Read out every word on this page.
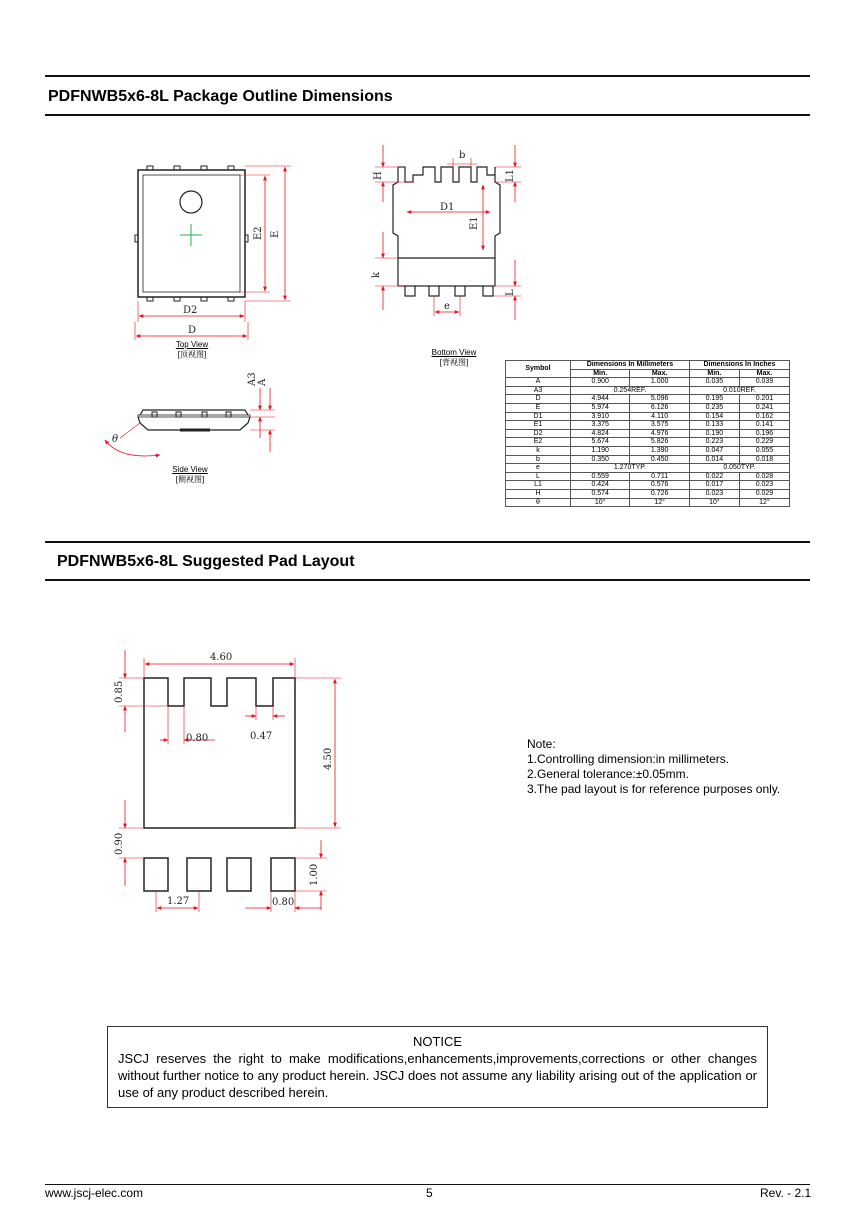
PDFNWB5x6-8L Package Outline Dimensions
E2 E
D2
D
Top View
[顶视图]
b
H	L1
D1
E1
k
L
e
Bottom View
[背视图]
A3 A
θ
Side View
[侧视图]
Symbol	Dimensions In Millimeters		Dimensions In Inches	
	Min.	Max.	Min.	Max.
A	0.900	1.000	0.035	0.039
A3	0.254REF.		0.010REF.	
D	4.944	5.096	0.195	0.201
E	5.974	6.126	0.235	0.241
D1	3.910	4.110	0.154	0.162
E1	3.375	3.575	0.133	0.141
D2	4.824	4.976	0.190	0.196
E2	5.674	5.826	0.223	0.229
k	1.190	1.390	0.047	0.055
b	0.350	0.450	0.014	0.018
e	1.270TYP.		0.050TYP.	
L	0.559	0.711	0.022	0.028
L1	0.424	0.576	0.017	0.023
H	0.574	0.726	0.023	0.029
θ	10°	12°	10°	12°
PDFNWB5x6-8L Suggested Pad Layout
4.60
0.85
0.80	0.47
4.50
0.90
1.00
1.27	0.80
Note:
1.Controlling dimension:in millimeters.
2.General tolerance:±0.05mm.
3.The pad layout is for reference purposes only.
NOTICE
JSCJ reserves the right to make modifications,enhancements,improvements,corrections or other changes without further notice to any product herein. JSCJ does not assume any liability arising out of the application or use of any product described herein.
www.jscj-elec.com	5	Rev. - 2.1
